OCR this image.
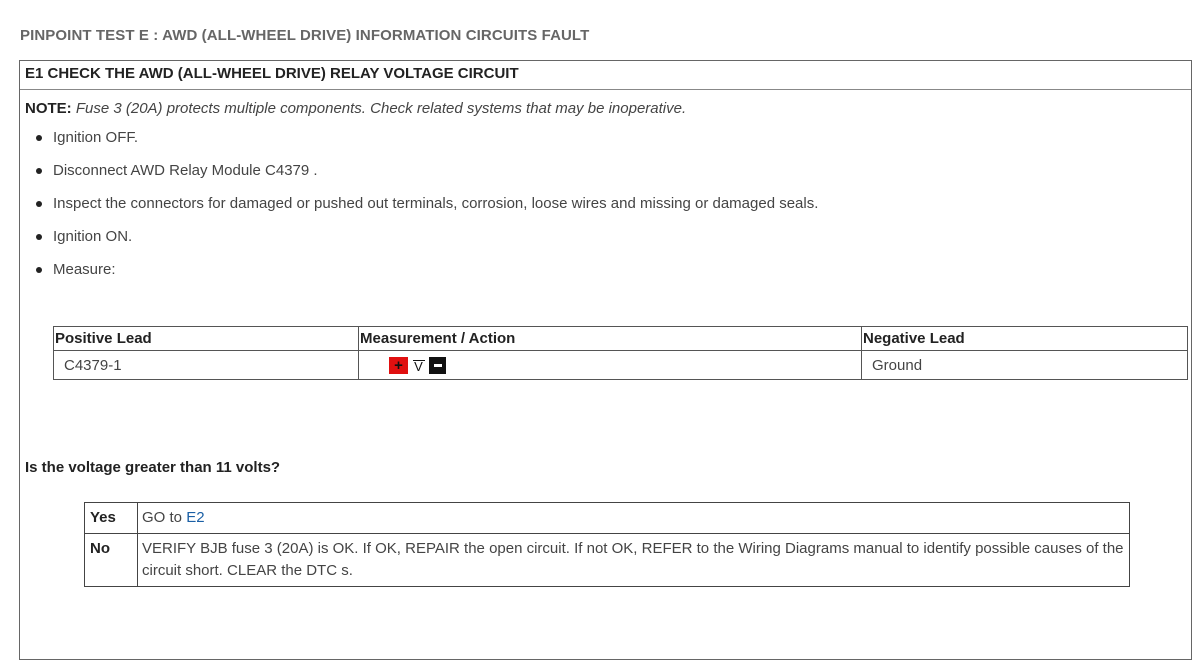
PINPOINT TEST E : AWD (ALL-WHEEL DRIVE) INFORMATION CIRCUITS FAULT
E1 CHECK THE AWD (ALL-WHEEL DRIVE) RELAY VOLTAGE CIRCUIT
NOTE: Fuse 3 (20A) protects multiple components. Check related systems that may be inoperative.
Ignition OFF.
Disconnect AWD Relay Module C4379 .
Inspect the connectors for damaged or pushed out terminals, corrosion, loose wires and missing or damaged seals.
Ignition ON.
Measure:
Positive Lead	Measurement / Action	Negative Lead
C4379-1	+ V	Ground
Is the voltage greater than 11 volts?
Yes	GO to E2
No	VERIFY BJB fuse 3 (20A) is OK. If OK, REPAIR the open circuit. If not OK, REFER to the Wiring Diagrams manual to identify possible causes of the circuit short. CLEAR the DTC s.
